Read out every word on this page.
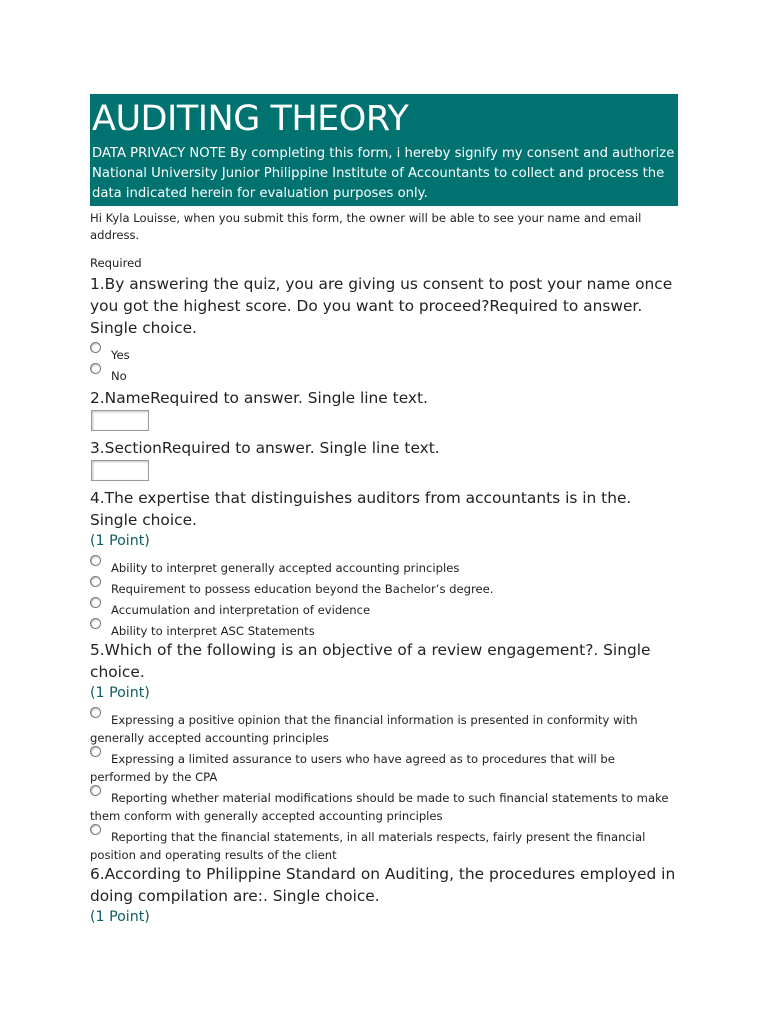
AUDITING THEORY
DATA PRIVACY NOTE By completing this form, i hereby signify my consent and authorize National University Junior Philippine Institute of Accountants to collect and process the data indicated herein for evaluation purposes only.
Hi Kyla Louisse, when you submit this form, the owner will be able to see your name and email address.
Required
1.By answering the quiz, you are giving us consent to post your name once you got the highest score. Do you want to proceed?Required to answer. Single choice.
Yes
No
2.NameRequired to answer. Single line text.
3.SectionRequired to answer. Single line text.
4.The expertise that distinguishes auditors from accountants is in the. Single choice.
(1 Point)
Ability to interpret generally accepted accounting principles
Requirement to possess education beyond the Bachelor’s degree.
Accumulation and interpretation of evidence
Ability to interpret ASC Statements
5.Which of the following is an objective of a review engagement?. Single choice.
(1 Point)
Expressing a positive opinion that the financial information is presented in conformity with generally accepted accounting principles
Expressing a limited assurance to users who have agreed as to procedures that will be performed by the CPA
Reporting whether material modifications should be made to such financial statements to make them conform with generally accepted accounting principles
Reporting that the financial statements, in all materials respects, fairly present the financial position and operating results of the client
6.According to Philippine Standard on Auditing, the procedures employed in doing compilation are:. Single choice.
(1 Point)
